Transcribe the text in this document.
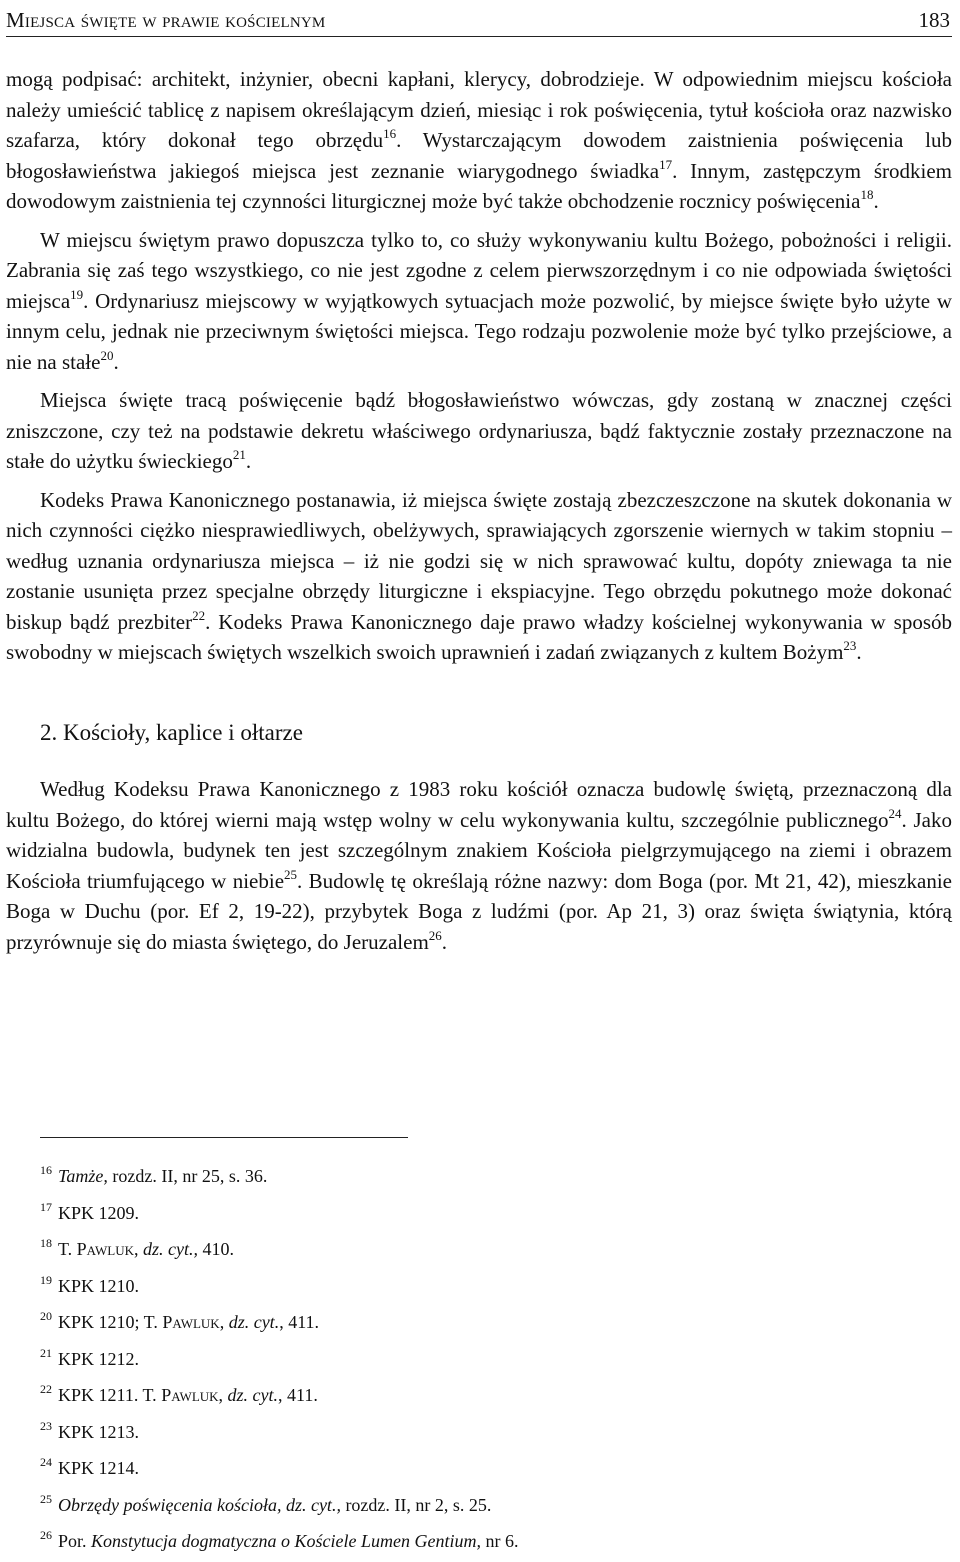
Miejsca święte w prawie kościelnym	183

mogą podpisać: architekt, inżynier, obecni kapłani, klerycy, dobrodzieje. W odpowiednim miejscu kościoła należy umieścić tablicę z napisem określającym dzień, miesiąc i rok poświęcenia, tytuł kościoła oraz nazwisko szafarza, który dokonał tego obrzędu$^{16}$. Wystarczającym dowodem zaistnienia poświęcenia lub błogosławieństwa jakiegoś miejsca jest zeznanie wiarygodnego świadka$^{17}$. Innym, zastępczym środkiem dowodowym zaistnienia tej czynności liturgicznej może być także obchodzenie rocznicy poświęcenia$^{18}$.

W miejscu świętym prawo dopuszcza tylko to, co służy wykonywaniu kultu Bożego, pobożności i religii. Zabrania się zaś tego wszystkiego, co nie jest zgodne z celem pierwszorzędnym i co nie odpowiada świętości miejsca$^{19}$. Ordynariusz miejscowy w wyjątkowych sytuacjach może pozwolić, by miejsce święte było użyte w innym celu, jednak nie przeciwnym świętości miejsca. Tego rodzaju pozwolenie może być tylko przejściowe, a nie na stałe$^{20}$.

Miejsca święte tracą poświęcenie bądź błogosławieństwo wówczas, gdy zostaną w znacznej części zniszczone, czy też na podstawie dekretu właściwego ordynariusza, bądź faktycznie zostały przeznaczone na stałe do użytku świeckiego$^{21}$.

Kodeks Prawa Kanonicznego postanawia, iż miejsca święte zostają zbezczeszczone na skutek dokonania w nich czynności ciężko niesprawiedliwych, obelżywych, sprawiających zgorszenie wiernych w takim stopniu – według uznania ordynariusza miejsca – iż nie godzi się w nich sprawować kultu, dopóty zniewaga ta nie zostanie usunięta przez specjalne obrzędy liturgiczne i ekspiacyjne. Tego obrzędu pokutnego może dokonać biskup bądź prezbiter$^{22}$. Kodeks Prawa Kanonicznego daje prawo władzy kościelnej wykonywania w sposób swobodny w miejscach świętych wszelkich swoich uprawnień i zadań związanych z kultem Bożym$^{23}$.

2. Kościoły, kaplice i ołtarze

Według Kodeksu Prawa Kanonicznego z 1983 roku kościół oznacza budowlę świętą, przeznaczoną dla kultu Bożego, do której wierni mają wstęp wolny w celu wykonywania kultu, szczególnie publicznego$^{24}$. Jako widzialna budowla, budynek ten jest szczególnym znakiem Kościoła pielgrzymującego na ziemi i obrazem Kościoła triumfującego w niebie$^{25}$. Budowlę tę określają różne nazwy: dom Boga (por. Mt 21, 42), mieszkanie Boga w Duchu (por. Ef 2, 19-22), przybytek Boga z ludźmi (por. Ap 21, 3) oraz święta świątynia, którą przyrównuje się do miasta świętego, do Jeruzalem$^{26}$.

$^{16}$ Tamże, rozdz. II, nr 25, s. 36.
$^{17}$ KPK 1209.
$^{18}$ T. Pawluk, dz. cyt., 410.
$^{19}$ KPK 1210.
$^{20}$ KPK 1210; T. Pawluk, dz. cyt., 411.
$^{21}$ KPK 1212.
$^{22}$ KPK 1211. T. Pawluk, dz. cyt., 411.
$^{23}$ KPK 1213.
$^{24}$ KPK 1214.
$^{25}$ Obrzędy poświęcenia kościoła, dz. cyt., rozdz. II, nr 2, s. 25.
$^{26}$ Por. Konstytucja dogmatyczna o Kościele Lumen Gentium, nr 6.
